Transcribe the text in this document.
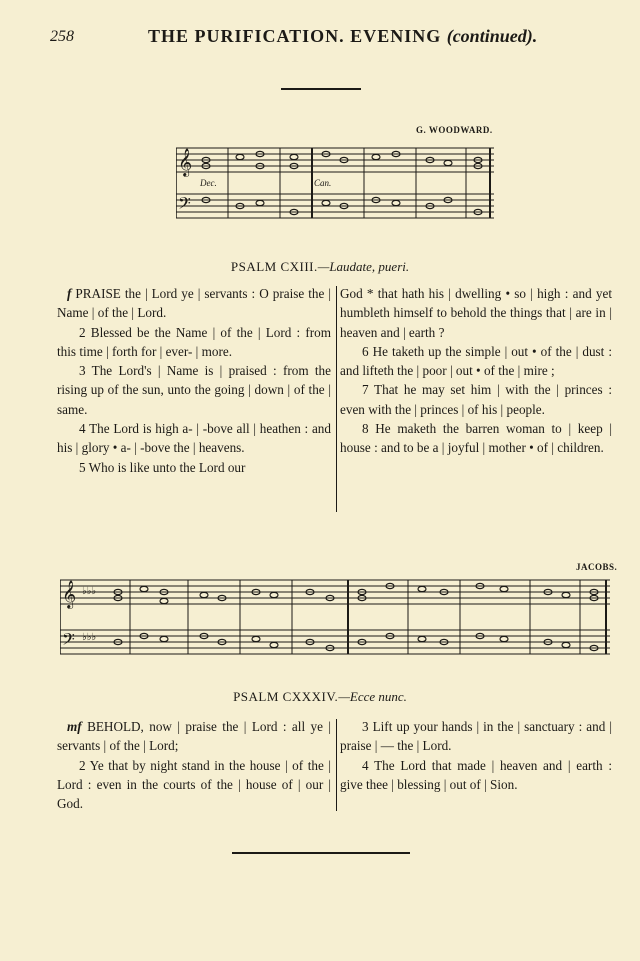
258	THE PURIFICATION. EVENING (continued).
G. WOODWARD.
𝄞
𝄢
Dec.	Can.
PSALM CXIII.—Laudate, pueri.

f PRAISE the | Lord ye | servants : O praise the | Name | of the | Lord.

2 Blessed be the Name | of the | Lord : from this time | forth for | ever- | more.

3 The Lord's | Name is | praised : from the rising up of the sun, unto the going | down | of the | same.

4 The Lord is high a- | -bove all | heathen : and his | glory • a- | -bove the | heavens.

5 Who is like unto the Lord our

God * that hath his | dwelling • so | high : and yet humbleth himself to behold the things that | are in | heaven and | earth ?

6 He taketh up the simple | out • of the | dust : and lifteth the | poor | out • of the | mire ;

7 That he may set him | with the | princes : even with the | princes | of his | people.

8 He maketh the barren woman to | keep | house : and to be a | joyful | mother • of | children.

JACOBS.
𝄞 ♭♭♭
𝄢 ♭♭♭
PSALM CXXXIV.—Ecce nunc.

mf BEHOLD, now | praise the | Lord : all ye | servants | of the | Lord;

2 Ye that by night stand in the house | of the | Lord : even in the courts of the | house of | our | God.

3 Lift up your hands | in the | sanctuary : and | praise | — the | Lord.

4 The Lord that made | heaven and | earth : give thee | blessing | out of | Sion.
